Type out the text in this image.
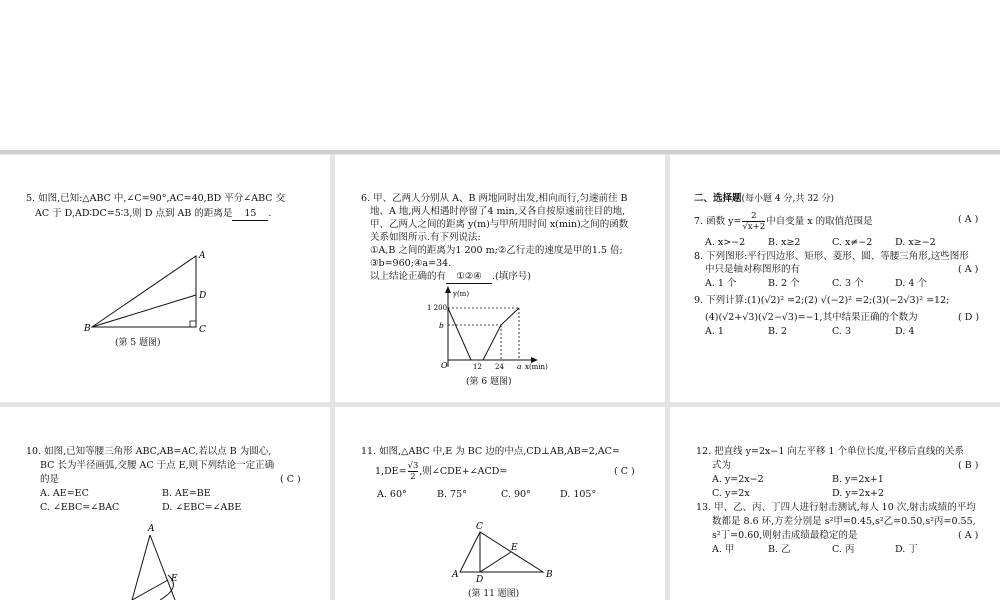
5. 如图,已知:△ABC 中,∠C=90°,AC=40,BD 平分∠ABC 交
AC 于 D,AD∶DC=5∶3,则 D 点到 AB 的距离是 15 .
A
B	C
D
(第 5 题图)
6. 甲、乙两人分别从 A、B 两地同时出发,相向而行,匀速前往 B
地、A 地,两人相遇时停留了4 min,又各自按原速前往目的地,
甲、乙两人之间的距离 y(m)与甲所用时间 x(min)之间的函数
关系如图所示.有下列说法:
①A,B 之间的距离为1 200 m;②乙行走的速度是甲的1.5 倍;
③b=960;④a=34.
以上结论正确的有 ①②④ .(填序号)
y(m)
1 200
b
O	12 24 a x(min)
(第 6 题图)
二、选择题(每小题 4 分,共 32 分)
7. 函数 $y= \frac{2}{√x+2}$ 中自变量 x 的取值范围是	( A )
A. x>−2 B. x≥2	C. x≠−2 D. x≥−2
8. 下列图形:平行四边形、矩形、菱形、圆、等腰三角形,这些图形
中只是轴对称图形的有	( A )
A. 1 个	B. 2 个	C. 3 个	D. 4 个
9. 下列计算:(1)(√2)² =2;(2) √(−2)² =2;(3)(−2√3)² =12;
(4)(√2+√3)(√2−√3)=−1,其中结果正确的个数为	( D )
A. 1	B. 2	C. 3	D. 4
10. 如图,已知等腰三角形 ABC,AB=AC,若以点 B 为圆心,
BC 长为半径画弧,交腰 AC 于点 E,则下列结论一定正确
的是	( C )
A. AE=EC	B. AE=BE
C. ∠EBC=∠BAC	D. ∠EBC=∠ABE
A
E
11. 如图,△ABC 中,E 为 BC 边的中点,CD⊥AB,AB=2,AC=
$1,DE= \frac{√3}{2}$ ,则∠CDE+∠ACD=	( C )
A. 60°	B. 75°	C. 90°	D. 105°
A	B
C
D
E
(第 11 题图)
12. 把直线 y=2x−1 向左平移 1 个单位长度,平移后直线的关系
式为	( B )
A. y=2x−2	B. y=2x+1
C. y=2x	D. y=2x+2
13. 甲、乙、丙、丁四人进行射击测试,每人 10 次,射击成绩的平均
数都是 8.6 环,方差分别是 s²甲=0.45,s²乙=0.50,s²丙=0.55,
s²丁=0.60,则射击成绩最稳定的是	( A )
A. 甲	B. 乙	C. 丙	D. 丁
